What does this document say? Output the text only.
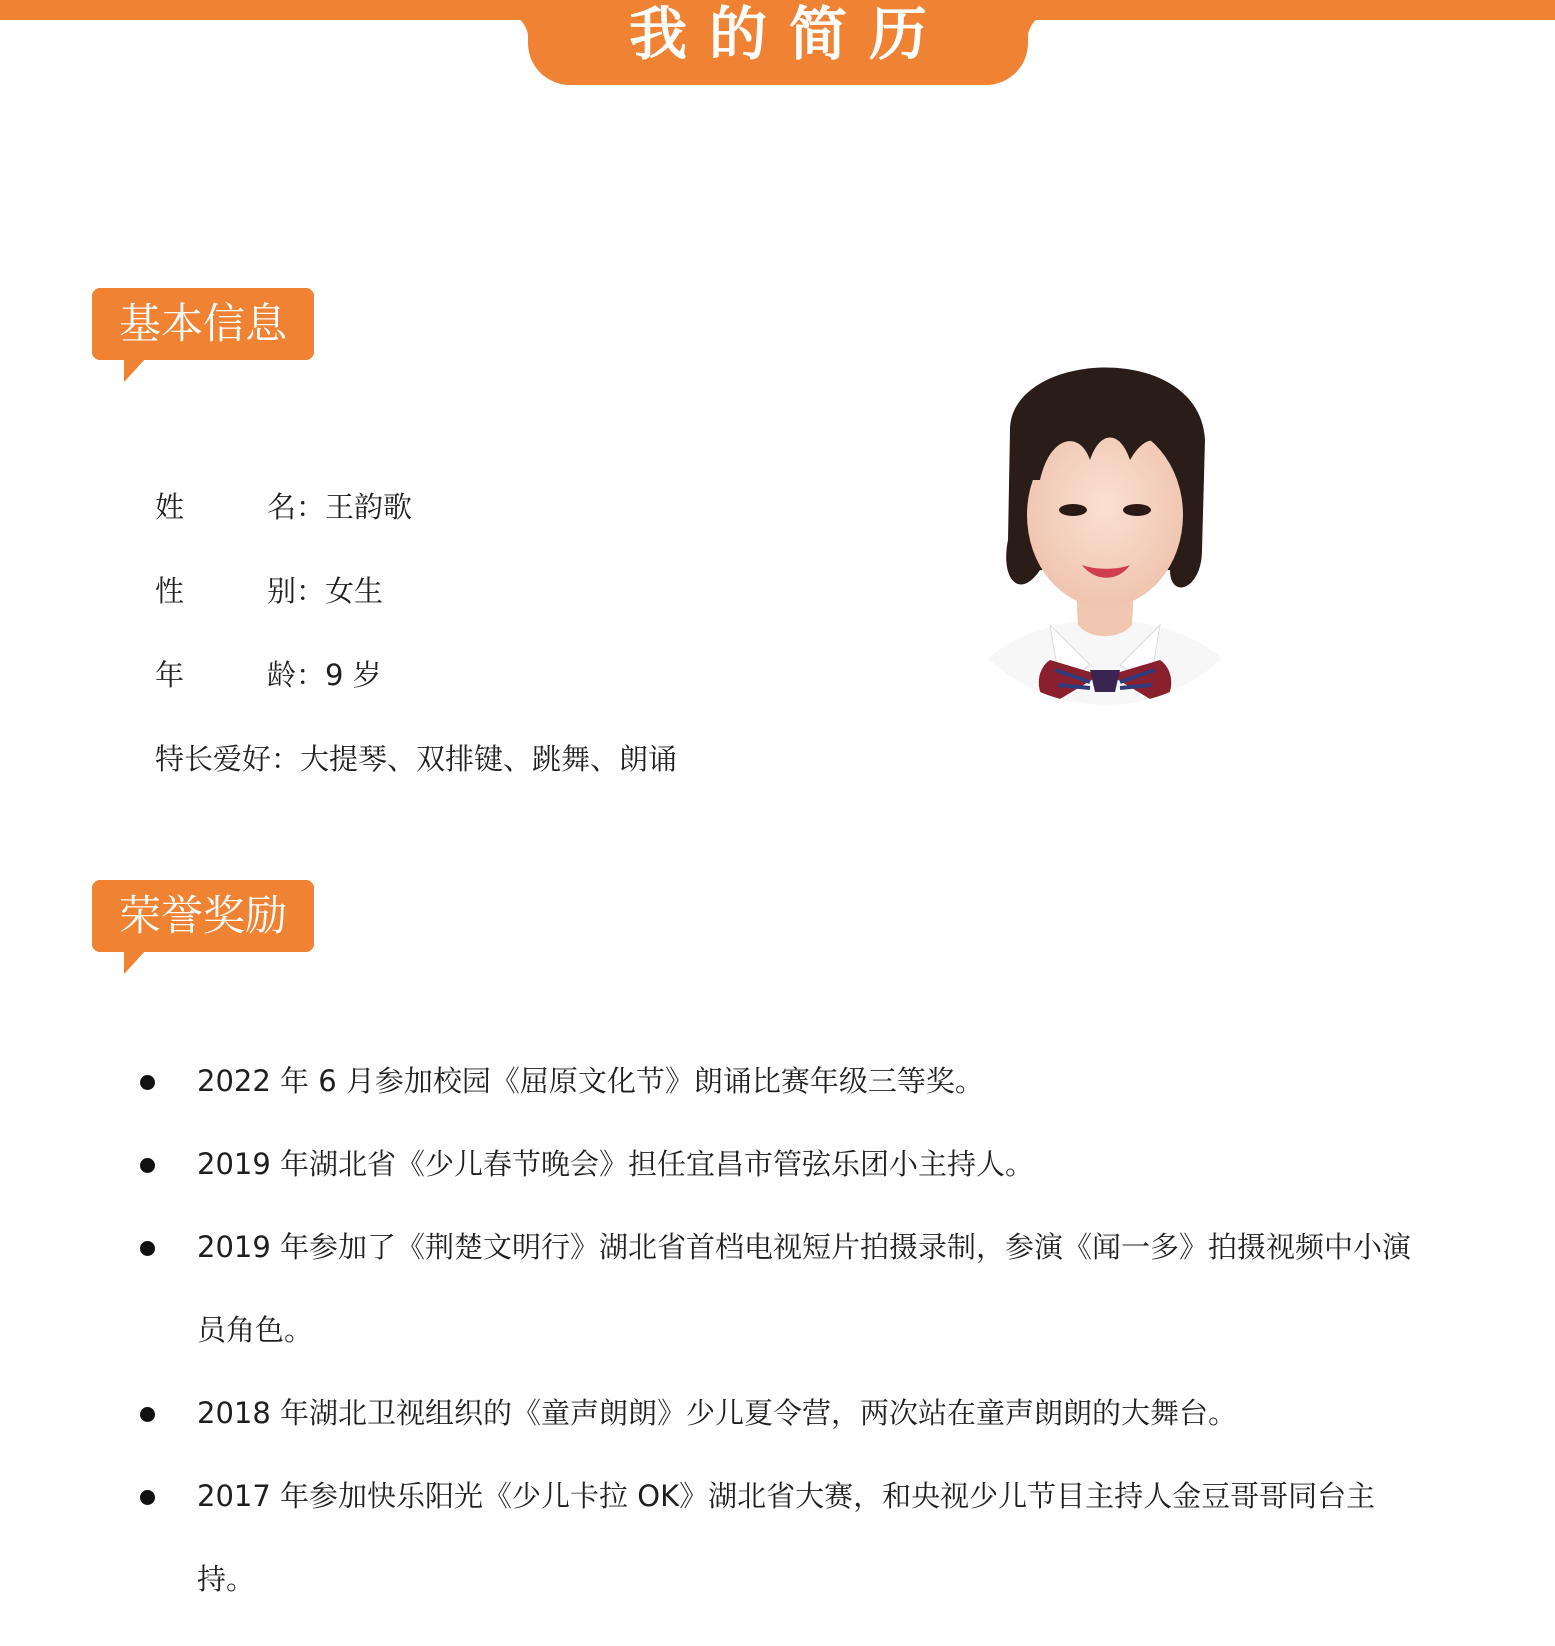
我的简历
基本信息
姓	名： 王韵歌
性	别： 女生
年	龄： 9 岁
特长爱好： 大提琴、双排键、跳舞、朗诵
荣誉奖励
2022 年 6 月参加校园《屈原文化节》朗诵比赛年级三等奖。
2019 年湖北省《少儿春节晚会》担任宜昌市管弦乐团小主持人。
2019 年参加了《荆楚文明行》湖北省首档电视短片拍摄录制，参演《闻一多》拍摄视频中小演员角色。
2018 年湖北卫视组织的《童声朗朗》少儿夏令营，两次站在童声朗朗的大舞台。
2017 年参加快乐阳光《少儿卡拉 OK》湖北省大赛，和央视少儿节目主持人金豆哥哥同台主持。
